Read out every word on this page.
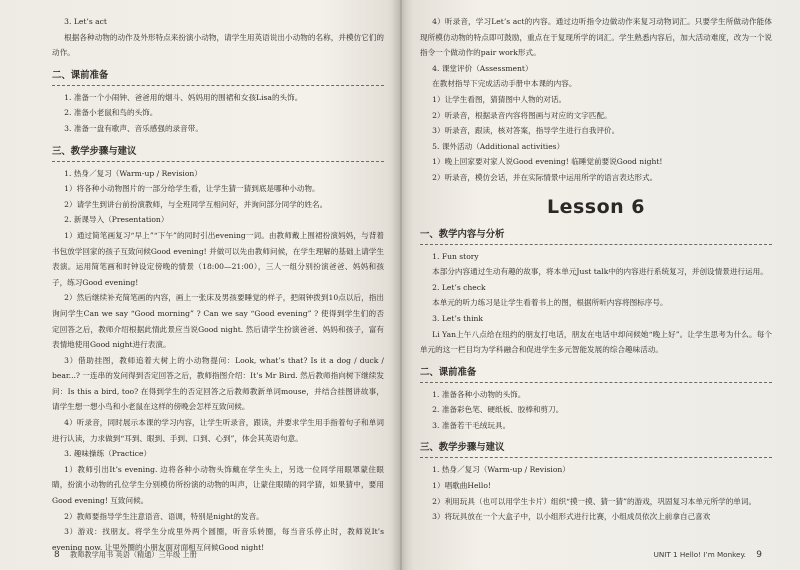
3. Let’s act

根据各种动物的动作及外形特点来扮演小动物，请学生用英语说出小动物的名称，并模仿它们的动作。

二、课前准备

1. 准备一个小闹钟、爸爸用的烟斗、妈妈用的围裙和女孩Lisa的头饰。

2. 准备小老鼠和鸟的头饰。

3. 准备一盘有歌声、音乐感强的录音带。

三、教学步骤与建议

1. 热身／复习（Warm-up / Revision）

1）将各种小动物图片的一部分给学生看，让学生猜一猜到底是哪种小动物。

2）请学生到讲台前扮演教师，与全班同学互相问好，并询问部分同学的姓名。

2. 新课导入（Presentation）

1）通过简笔画复习“早上”“下午”的同时引出evening一词。由教师戴上围裙扮演妈妈，与背着书包放学回家的孩子互致问候Good evening! 并做可以先由教师问候，在学生理解的基础上请学生表演。运用简笔画和时钟设定傍晚的情景（18:00—21:00），三人一组分别扮演爸爸、妈妈和孩子，练习Good evening!

2）然后继续补充简笔画的内容，画上一张床及男孩要睡觉的样子，把闹钟拨到10点以后，指出询问学生Can we say “Good morning” ? Can we say “Good evening” ? 使得到学生们的否定回答之后，教师介绍根据此情此景应当说Good night. 然后请学生扮演爸爸、妈妈和孩子，富有表情地使用Good night进行表演。

3）借助挂图，教师追着大树上的小动物提问：Look, what’s that? Is it a dog / duck / bear...? 一连串的发问得到否定回答之后，教师指图介绍：It’s Mr Bird. 然后教师指向树下继续发问：Is this a bird, too? 在得到学生的否定回答之后教师教新单词mouse，并结合挂图讲故事，请学生想一想小鸟和小老鼠在这样的傍晚会怎样互致问候。

4）听录音，同时展示本课的学习内容，让学生听录音，跟读，并要求学生用手指着句子和单词进行认读，力求做到“耳到、眼到、手到、口到、心到”，体会其英语句意。

3. 趣味操练（Practice）

1）教师引出It’s evening. 边将各种小动物头饰戴在学生头上，另选一位同学用眼罩蒙住眼睛，扮演小动物的孔位学生分别模仿所扮演的动物的叫声，让蒙住眼睛的同学猜，如果猜中，要用Good evening! 互致问候。

2）教师要指导学生注意语音、语调，特别是night的发音。

3）游戏：找朋友。将学生分成里外两个圆圈，听音乐转圈，每当音乐停止时，教师说It’s evening now. 让里外圈的小朋友面对面相互问候Good night!

8 教师教学用书 英语（精通）三年级 上册

4）听录音，学习Let’s act的内容。通过边听指令边做动作来复习动物词汇。只要学生所做动作能体现所模仿动物的特点即可鼓励，重点在于复现所学的词汇。学生熟悉内容后，加大活动难度，改为一个说指令一个做动作的pair work形式。

4. 课堂评价（Assessment）

在教材指导下完成活动手册中本课的内容。

1）让学生看图，猜猜图中人物的对话。

2）听录音，根据录音内容将图画与对应的文字匹配。

3）听录音，跟读，核对答案，指导学生进行自我评价。

5. 课外活动（Additional activities）

1）晚上回家要对家人说Good evening! 临睡觉前要说Good night!

2）听录音，模仿会话，并在实际情景中运用所学的语言表达形式。

Lesson 6
一、教学内容与分析

1. Fun story

本部分内容通过生动有趣的故事，将本单元Just talk中的内容进行系统复习，并创设情景进行运用。

2. Let’s check

本单元的听力练习是让学生看着书上的图，根据所听内容将图标序号。

3. Let’s think

Li Yan上午八点给在纽约的朋友打电话，朋友在电话中却问候她“晚上好”。让学生思考为什么。每个单元的这一栏目均为学科融合和促进学生多元智能发展的综合趣味活动。

二、课前准备

1. 准备各种小动物的头饰。

2. 准备彩色笔、硬纸板、胶棒和剪刀。

3. 准备若干毛绒玩具。

三、教学步骤与建议

1. 热身／复习（Warm-up / Revision）

1）唱歌曲Hello!

2）利用玩具（也可以用学生卡片）组织“摸一摸、猜一猜”的游戏，巩固复习本单元所学的单词。

3）将玩具放在一个大盒子中，以小组形式进行比赛，小组成员依次上前拿自己喜欢

UNIT 1 Hello! I’m Monkey. 9
